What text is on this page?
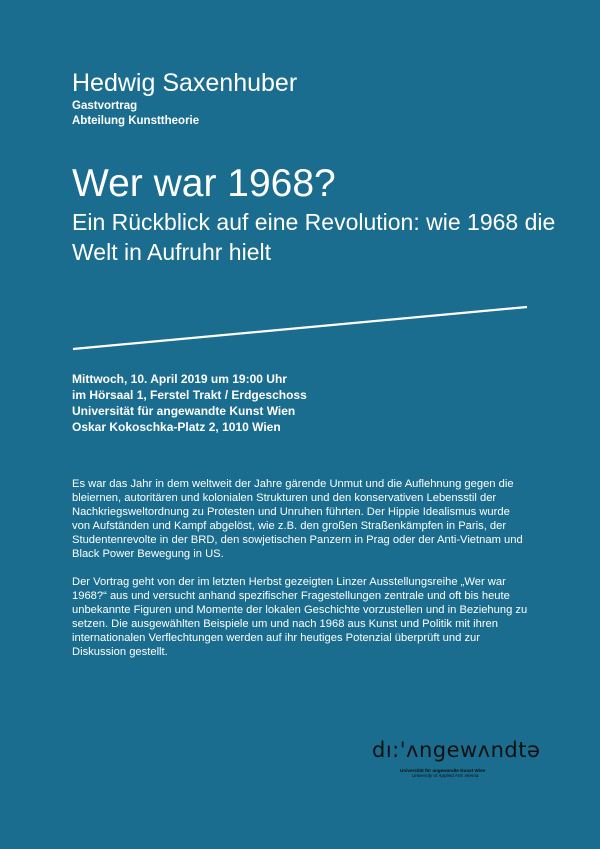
Hedwig Saxenhuber
Gastvortrag
Abteilung Kunsttheorie
Wer war 1968?
Ein Rückblick auf eine Revolution: wie 1968 die Welt in Aufruhr hielt
Mittwoch, 10. April 2019 um 19:00 Uhr
im Hörsaal 1, Ferstel Trakt / Erdgeschoss
Universität für angewandte Kunst Wien
Oskar Kokoschka-Platz 2, 1010 Wien
Es war das Jahr in dem weltweit der Jahre gärende Unmut und die Auflehnung gegen die bleiernen, autoritären und kolonialen Strukturen und den konservativen Lebensstil der Nachkriegsweltordnung zu Protesten und Unruhen führten. Der Hippie Idealismus wurde von Aufständen und Kampf abgelöst, wie z.B. den großen Straßenkämpfen in Paris, der Studentenrevolte in der BRD, den sowjetischen Panzern in Prag oder der Anti-Vietnam und Black Power Bewegung in US.
Der Vortrag geht von der im letzten Herbst gezeigten Linzer Ausstellungsreihe „Wer war 1968?“ aus und versucht anhand spezifischer Fragestellungen zentrale und oft bis heute unbekannte Figuren und Momente der lokalen Geschichte vorzustellen und in Beziehung zu setzen. Die ausgewählten Beispiele um und nach 1968 aus Kunst und Politik mit ihren internationalen Verflechtungen werden auf ihr heutiges Potenzial überprüft und zur Diskussion gestellt.
dı:'ʌngewʌndtə
Universität für angewandte Kunst Wien
University of Applied Arts Vienna
